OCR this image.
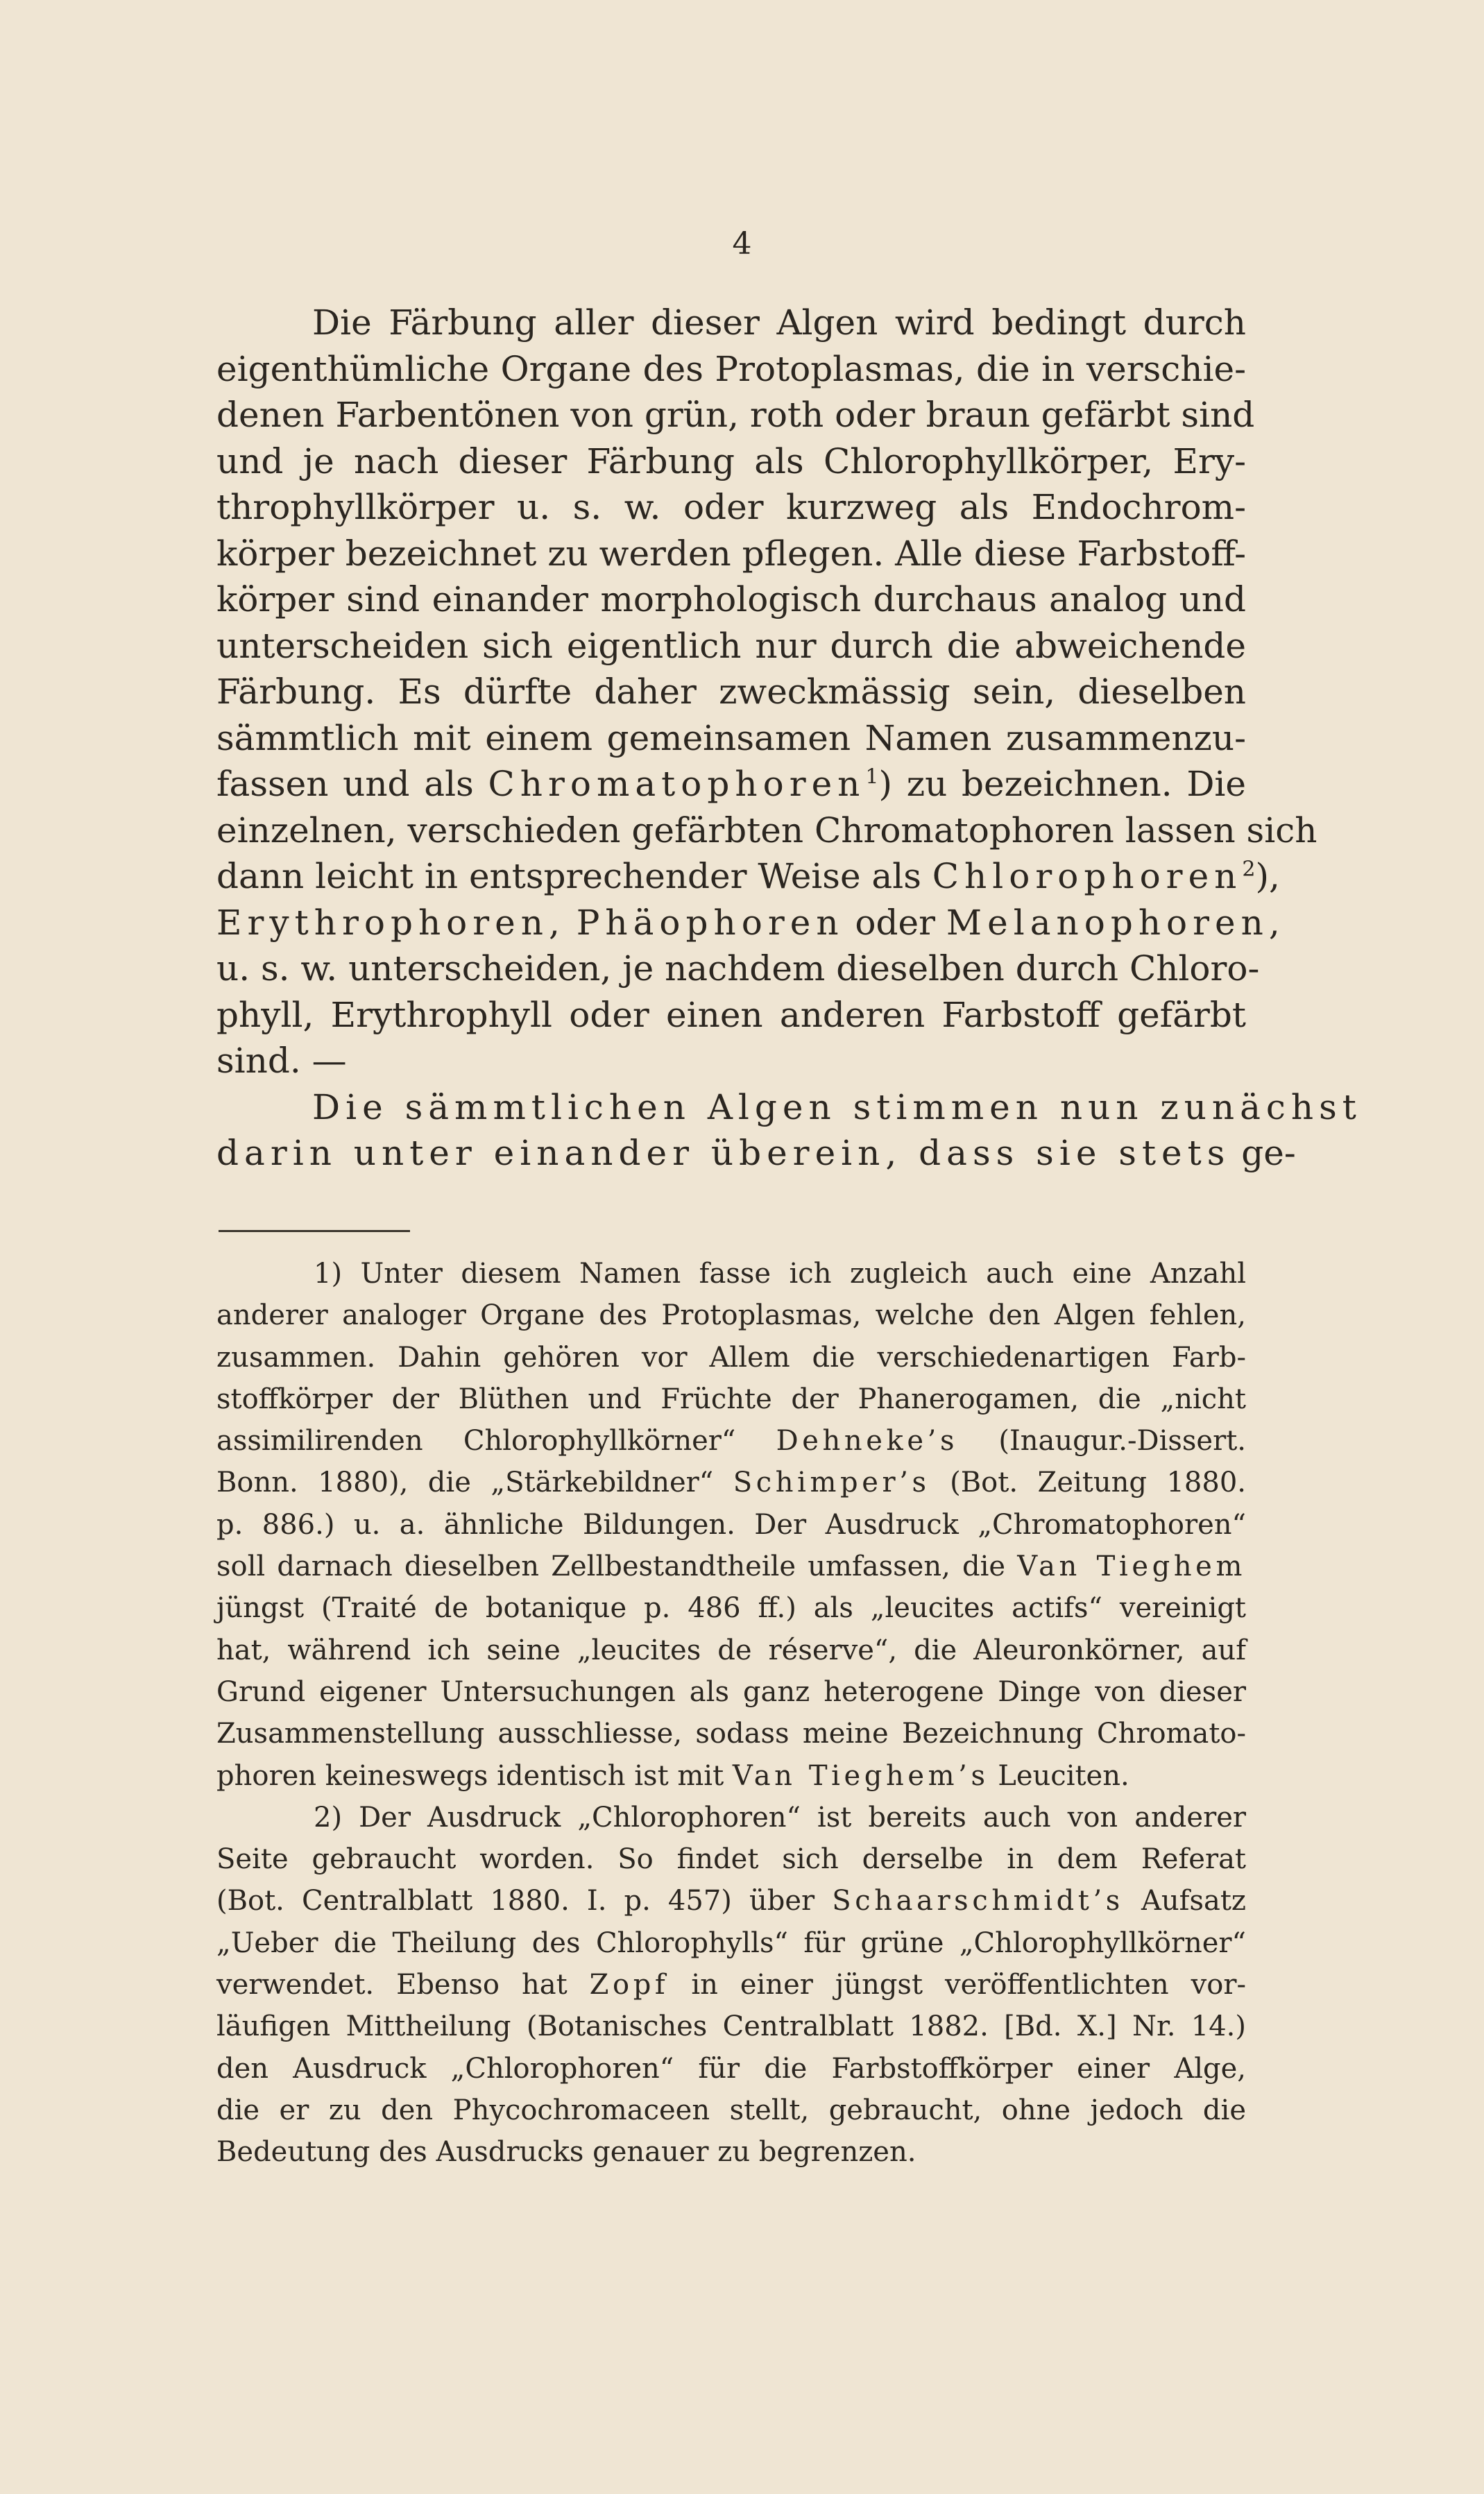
4

Die Färbung aller dieser Algen wird bedingt durch
eigenthümliche Organe des Protoplasmas, die in verschie-
denen Farbentönen von grün, roth oder braun gefärbt sind
und je nach dieser Färbung als Chlorophyllkörper, Ery-
throphyllkörper u. s. w. oder kurzweg als Endochrom-
körper bezeichnet zu werden pflegen. Alle diese Farbstoff-
körper sind einander morphologisch durchaus analog und
unterscheiden sich eigentlich nur durch die abweichende
Färbung. Es dürfte daher zweckmässig sein, dieselben
sämmtlich mit einem gemeinsamen Namen zusammenzu-
fassen und als Chromatophoren$^1$) zu bezeichnen. Die
einzelnen, verschieden gefärbten Chromatophoren lassen sich
dann leicht in entsprechender Weise als Chlorophoren$^2$),
Erythrophoren, Phäophoren oder Melanophoren,
u. s. w. unterscheiden, je nachdem dieselben durch Chloro-
phyll, Erythrophyll oder einen anderen Farbstoff gefärbt
sind. —

Die sämmtlichen Algen stimmen nun zunächst
darin unter einander überein, dass sie stets ge-

1) Unter diesem Namen fasse ich zugleich auch eine Anzahl
anderer analoger Organe des Protoplasmas, welche den Algen fehlen,
zusammen. Dahin gehören vor Allem die verschiedenartigen Farb-
stoffkörper der Blüthen und Früchte der Phanerogamen, die „nicht
assimilirenden Chlorophyllkörner“ Dehneke’s (Inaugur.-Dissert.
Bonn. 1880), die „Stärkebildner“ Schimper’s (Bot. Zeitung 1880.
p. 886.) u. a. ähnliche Bildungen. Der Ausdruck „Chromatophoren“
soll darnach dieselben Zellbestandtheile umfassen, die Van Tieghem
jüngst (Traité de botanique p. 486 ff.) als „leucites actifs“ vereinigt
hat, während ich seine „leucites de réserve“, die Aleuronkörner, auf
Grund eigener Untersuchungen als ganz heterogene Dinge von dieser
Zusammenstellung ausschliesse, sodass meine Bezeichnung Chromato-
phoren keineswegs identisch ist mit Van Tieghem’s Leuciten.
2) Der Ausdruck „Chlorophoren“ ist bereits auch von anderer
Seite gebraucht worden. So findet sich derselbe in dem Referat
(Bot. Centralblatt 1880. I. p. 457) über Schaarschmidt’s Aufsatz
„Ueber die Theilung des Chlorophylls“ für grüne „Chlorophyllkörner“
verwendet. Ebenso hat Zopf in einer jüngst veröffentlichten vor-
läufigen Mittheilung (Botanisches Centralblatt 1882. [Bd. X.] Nr. 14.)
den Ausdruck „Chlorophoren“ für die Farbstoffkörper einer Alge,
die er zu den Phycochromaceen stellt, gebraucht, ohne jedoch die
Bedeutung des Ausdrucks genauer zu begrenzen.
